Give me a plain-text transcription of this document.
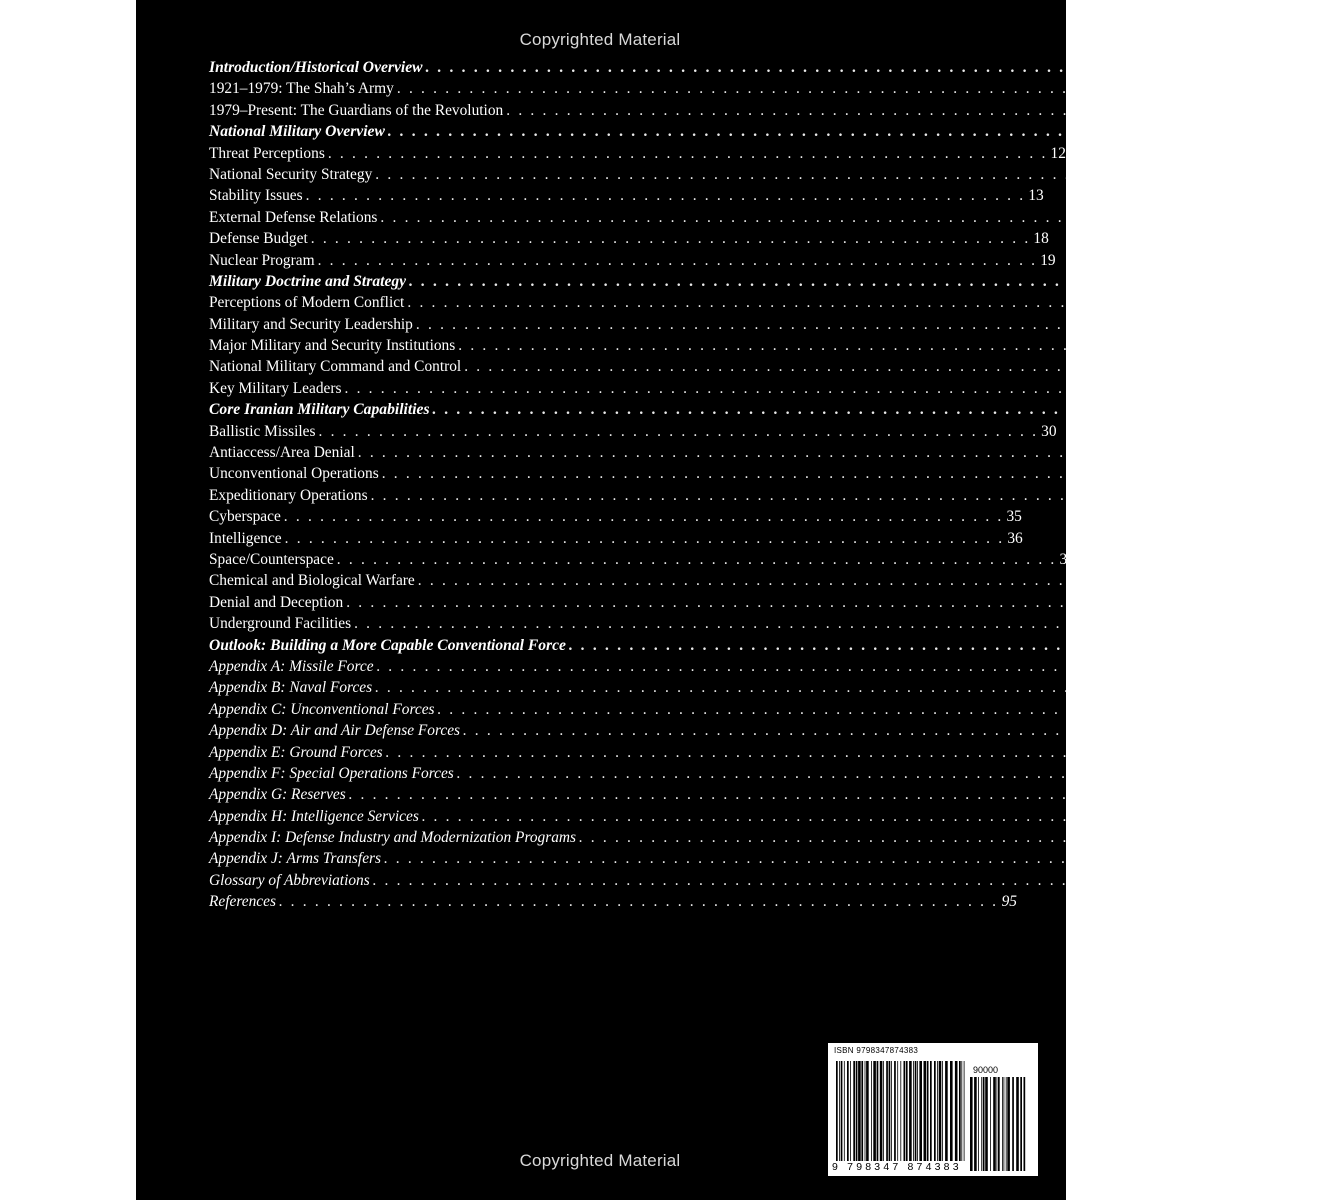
Copyrighted Material
Introduction/Historical Overview . . . . . . . . . . . . . . . . . . . . . . . . . . . . . . . . . . . . . . . . . . . . . . . . . . . . . . . . . . . . 1
1921–1979: The Shah’s Army . . . . . . . . . . . . . . . . . . . . . . . . . . . . . . . . . . . . . . . . . . . . . . . . . . . . . . . . . . . . 1
1979–Present: The Guardians of the Revolution . . . . . . . . . . . . . . . . . . . . . . . . . . . . . . . . . . . . . . . . . . . . . . . . . . . . . . . . . . . . 3
National Military Overview . . . . . . . . . . . . . . . . . . . . . . . . . . . . . . . . . . . . . . . . . . . . . . . . . . . . . . . . . . . . 10
Threat Perceptions . . . . . . . . . . . . . . . . . . . . . . . . . . . . . . . . . . . . . . . . . . . . . . . . . . . . . . . . . . . . 12
National Security Strategy . . . . . . . . . . . . . . . . . . . . . . . . . . . . . . . . . . . . . . . . . . . . . . . . . . . . . . . . . . . . 12
Stability Issues . . . . . . . . . . . . . . . . . . . . . . . . . . . . . . . . . . . . . . . . . . . . . . . . . . . . . . . . . . . . 13
External Defense Relations . . . . . . . . . . . . . . . . . . . . . . . . . . . . . . . . . . . . . . . . . . . . . . . . . . . . . . . . . . . . 15
Defense Budget . . . . . . . . . . . . . . . . . . . . . . . . . . . . . . . . . . . . . . . . . . . . . . . . . . . . . . . . . . . . 18
Nuclear Program . . . . . . . . . . . . . . . . . . . . . . . . . . . . . . . . . . . . . . . . . . . . . . . . . . . . . . . . . . . . 19
Military Doctrine and Strategy . . . . . . . . . . . . . . . . . . . . . . . . . . . . . . . . . . . . . . . . . . . . . . . . . . . . . . . . . . . . 22
Perceptions of Modern Conflict . . . . . . . . . . . . . . . . . . . . . . . . . . . . . . . . . . . . . . . . . . . . . . . . . . . . . . . . . . . . 23
Military and Security Leadership . . . . . . . . . . . . . . . . . . . . . . . . . . . . . . . . . . . . . . . . . . . . . . . . . . . . . . . . . . . . 24
Major Military and Security Institutions . . . . . . . . . . . . . . . . . . . . . . . . . . . . . . . . . . . . . . . . . . . . . . . . . . . . . . . . . . . . 24
National Military Command and Control . . . . . . . . . . . . . . . . . . . . . . . . . . . . . . . . . . . . . . . . . . . . . . . . . . . . . . . . . . . . 26
Key Military Leaders . . . . . . . . . . . . . . . . . . . . . . . . . . . . . . . . . . . . . . . . . . . . . . . . . . . . . . . . . . . . 28
Core Iranian Military Capabilities . . . . . . . . . . . . . . . . . . . . . . . . . . . . . . . . . . . . . . . . . . . . . . . . . . . . . . . . . . . . 30
Ballistic Missiles . . . . . . . . . . . . . . . . . . . . . . . . . . . . . . . . . . . . . . . . . . . . . . . . . . . . . . . . . . . . 30
Antiaccess/Area Denial . . . . . . . . . . . . . . . . . . . . . . . . . . . . . . . . . . . . . . . . . . . . . . . . . . . . . . . . . . . . 32
Unconventional Operations . . . . . . . . . . . . . . . . . . . . . . . . . . . . . . . . . . . . . . . . . . . . . . . . . . . . . . . . . . . . 33
Expeditionary Operations . . . . . . . . . . . . . . . . . . . . . . . . . . . . . . . . . . . . . . . . . . . . . . . . . . . . . . . . . . . . 34
Cyberspace . . . . . . . . . . . . . . . . . . . . . . . . . . . . . . . . . . . . . . . . . . . . . . . . . . . . . . . . . . . . 35
Intelligence . . . . . . . . . . . . . . . . . . . . . . . . . . . . . . . . . . . . . . . . . . . . . . . . . . . . . . . . . . . . 36
Space/Counterspace . . . . . . . . . . . . . . . . . . . . . . . . . . . . . . . . . . . . . . . . . . . . . . . . . . . . . . . . . . . . 37
Chemical and Biological Warfare . . . . . . . . . . . . . . . . . . . . . . . . . . . . . . . . . . . . . . . . . . . . . . . . . . . . . . . . . . . . 38
Denial and Deception . . . . . . . . . . . . . . . . . . . . . . . . . . . . . . . . . . . . . . . . . . . . . . . . . . . . . . . . . . . . 39
Underground Facilities . . . . . . . . . . . . . . . . . . . . . . . . . . . . . . . . . . . . . . . . . . . . . . . . . . . . . . . . . . . . 39
Outlook: Building a More Capable Conventional Force . . . . . . . . . . . . . . . . . . . . . . . . . . . . . . . . . . . . . . . . . . . . . . . . . . . . . . . . . . . . 40
Appendix A: Missile Force . . . . . . . . . . . . . . . . . . . . . . . . . . . . . . . . . . . . . . . . . . . . . . . . . . . . . . . . . . . . 43
Appendix B: Naval Forces . . . . . . . . . . . . . . . . . . . . . . . . . . . . . . . . . . . . . . . . . . . . . . . . . . . . . . . . . . . . 48
Appendix C: Unconventional Forces . . . . . . . . . . . . . . . . . . . . . . . . . . . . . . . . . . . . . . . . . . . . . . . . . . . . . . . . . . . . 57
Appendix D: Air and Air Defense Forces . . . . . . . . . . . . . . . . . . . . . . . . . . . . . . . . . . . . . . . . . . . . . . . . . . . . . . . . . . . . 64
Appendix E: Ground Forces . . . . . . . . . . . . . . . . . . . . . . . . . . . . . . . . . . . . . . . . . . . . . . . . . . . . . . . . . . . . 72
Appendix F: Special Operations Forces . . . . . . . . . . . . . . . . . . . . . . . . . . . . . . . . . . . . . . . . . . . . . . . . . . . . . . . . . . . . 76
Appendix G: Reserves . . . . . . . . . . . . . . . . . . . . . . . . . . . . . . . . . . . . . . . . . . . . . . . . . . . . . . . . . . . . 78
Appendix H: Intelligence Services . . . . . . . . . . . . . . . . . . . . . . . . . . . . . . . . . . . . . . . . . . . . . . . . . . . . . . . . . . . . 81
Appendix I: Defense Industry and Modernization Programs . . . . . . . . . . . . . . . . . . . . . . . . . . . . . . . . . . . . . . . . . . . . . . . . . . . . . . . . . . . . 83
Appendix J: Arms Transfers . . . . . . . . . . . . . . . . . . . . . . . . . . . . . . . . . . . . . . . . . . . . . . . . . . . . . . . . . . . . 88
Glossary of Abbreviations . . . . . . . . . . . . . . . . . . . . . . . . . . . . . . . . . . . . . . . . . . . . . . . . . . . . . . . . . . . . 92
References . . . . . . . . . . . . . . . . . . . . . . . . . . . . . . . . . . . . . . . . . . . . . . . . . . . . . . . . . . . . 95
ISBN 9798347874383
90000
9 798347 874383
Copyrighted Material
